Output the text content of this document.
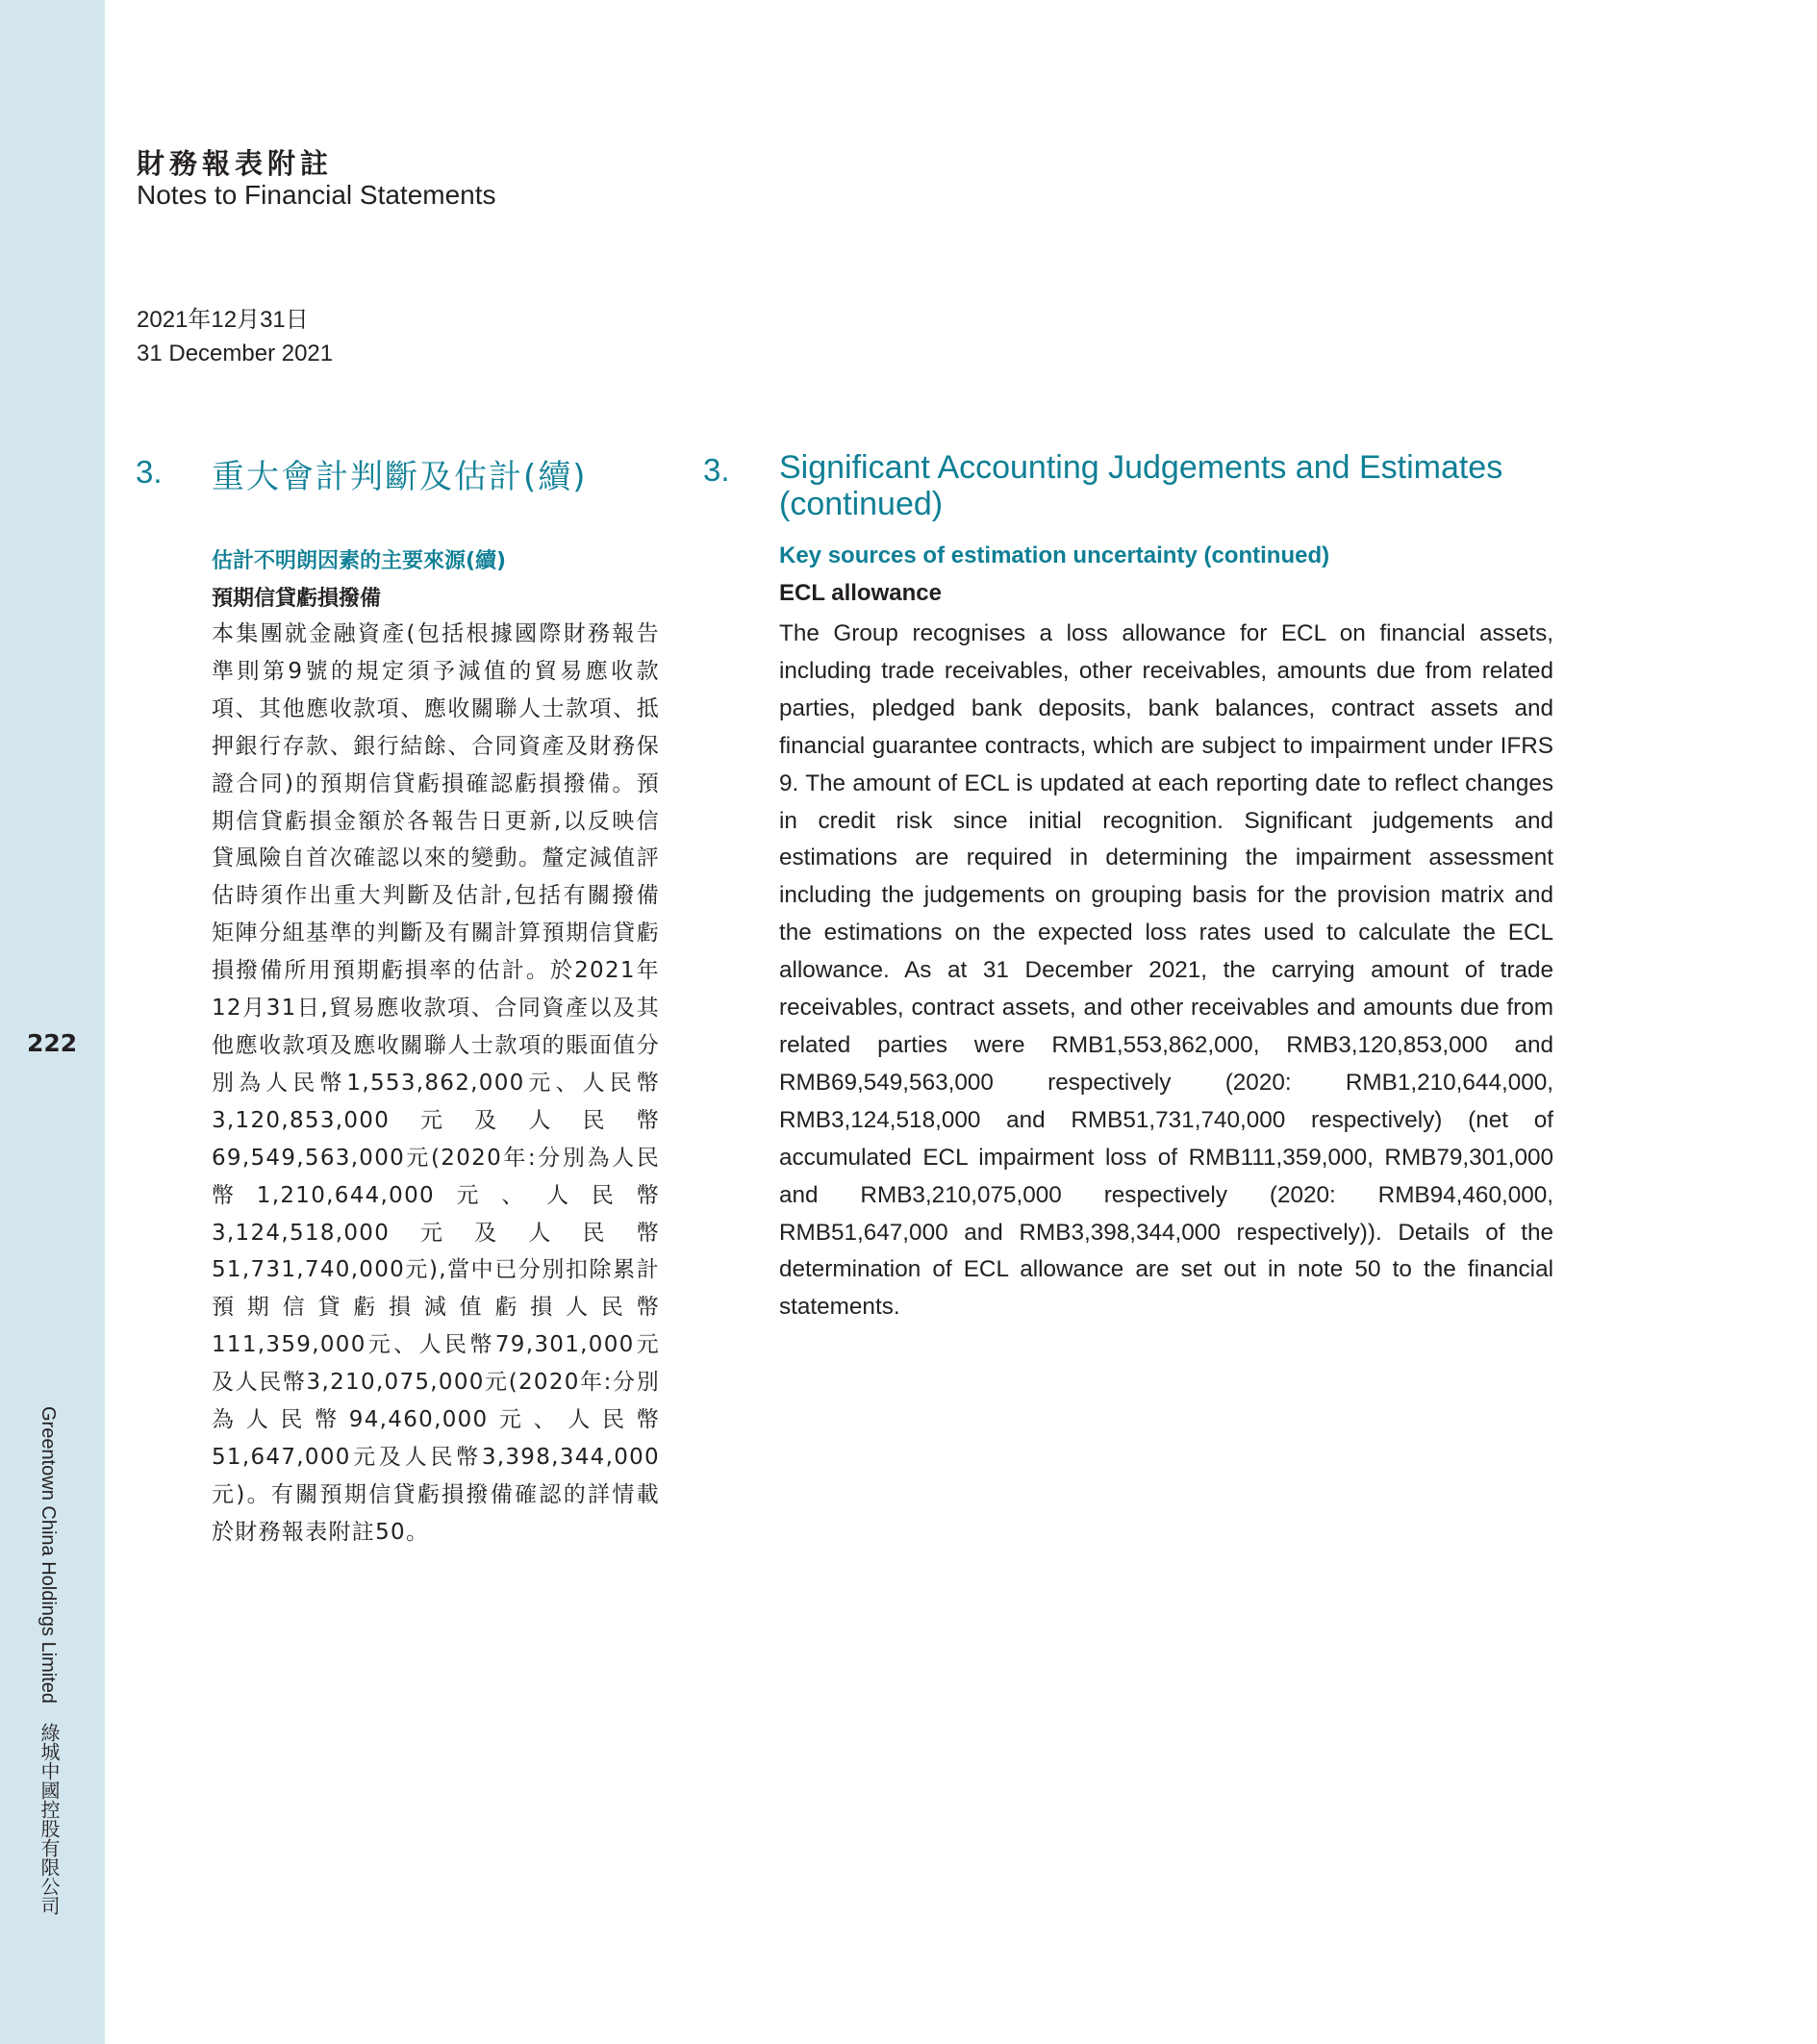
222
Greentown China Holdings Limited綠城中國控股有限公司
財務報表附註
Notes to Financial Statements
2021年12月31日
31 December 2021
3. 重大會計判斷及估計(續)	3. Significant Accounting Judgements and Estimates (continued)
估計不明朗因素的主要來源(續)
預期信貸虧損撥備
Key sources of estimation uncertainty (continued)
ECL allowance
本集團就金融資產(包括根據國際財務報告準則第9號的規定須予減值的貿易應收款項、其他應收款項、應收關聯人士款項、抵押銀行存款、銀行結餘、合同資產及財務保證合同)的預期信貸虧損確認虧損撥備。預期信貸虧損金額於各報告日更新,以反映信貸風險自首次確認以來的變動。釐定減值評估時須作出重大判斷及估計,包括有關撥備矩陣分組基準的判斷及有關計算預期信貸虧損撥備所用預期虧損率的估計。於2021年12月31日,貿易應收款項、合同資產以及其他應收款項及應收關聯人士款項的賬面值分別為人民幣1,553,862,000元、人民幣3,120,853,000元及人民幣69,549,563,000元(2020年:分別為人民幣1,210,644,000元、人民幣3,124,518,000元及人民幣51,731,740,000元),當中已分別扣除累計預期信貸虧損減值虧損人民幣111,359,000元、人民幣79,301,000元及人民幣3,210,075,000元(2020年:分別為人民幣94,460,000元、人民幣51,647,000元及人民幣3,398,344,000元)。有關預期信貸虧損撥備確認的詳情載於財務報表附註50。
The Group recognises a loss allowance for ECL on financial assets, including trade receivables, other receivables, amounts due from related parties, pledged bank deposits, bank balances, contract assets and financial guarantee contracts, which are subject to impairment under IFRS 9. The amount of ECL is updated at each reporting date to reflect changes in credit risk since initial recognition. Significant judgements and estimations are required in determining the impairment assessment including the judgements on grouping basis for the provision matrix and the estimations on the expected loss rates used to calculate the ECL allowance. As at 31 December 2021, the carrying amount of trade receivables, contract assets, and other receivables and amounts due from related parties were RMB1,553,862,000, RMB3,120,853,000 and RMB69,549,563,000 respectively (2020: RMB1,210,644,000, RMB3,124,518,000 and RMB51,731,740,000 respectively) (net of accumulated ECL impairment loss of RMB111,359,000, RMB79,301,000 and RMB3,210,075,000 respectively (2020: RMB94,460,000, RMB51,647,000 and RMB3,398,344,000 respectively)). Details of the determination of ECL allowance are set out in note 50 to the financial statements.
